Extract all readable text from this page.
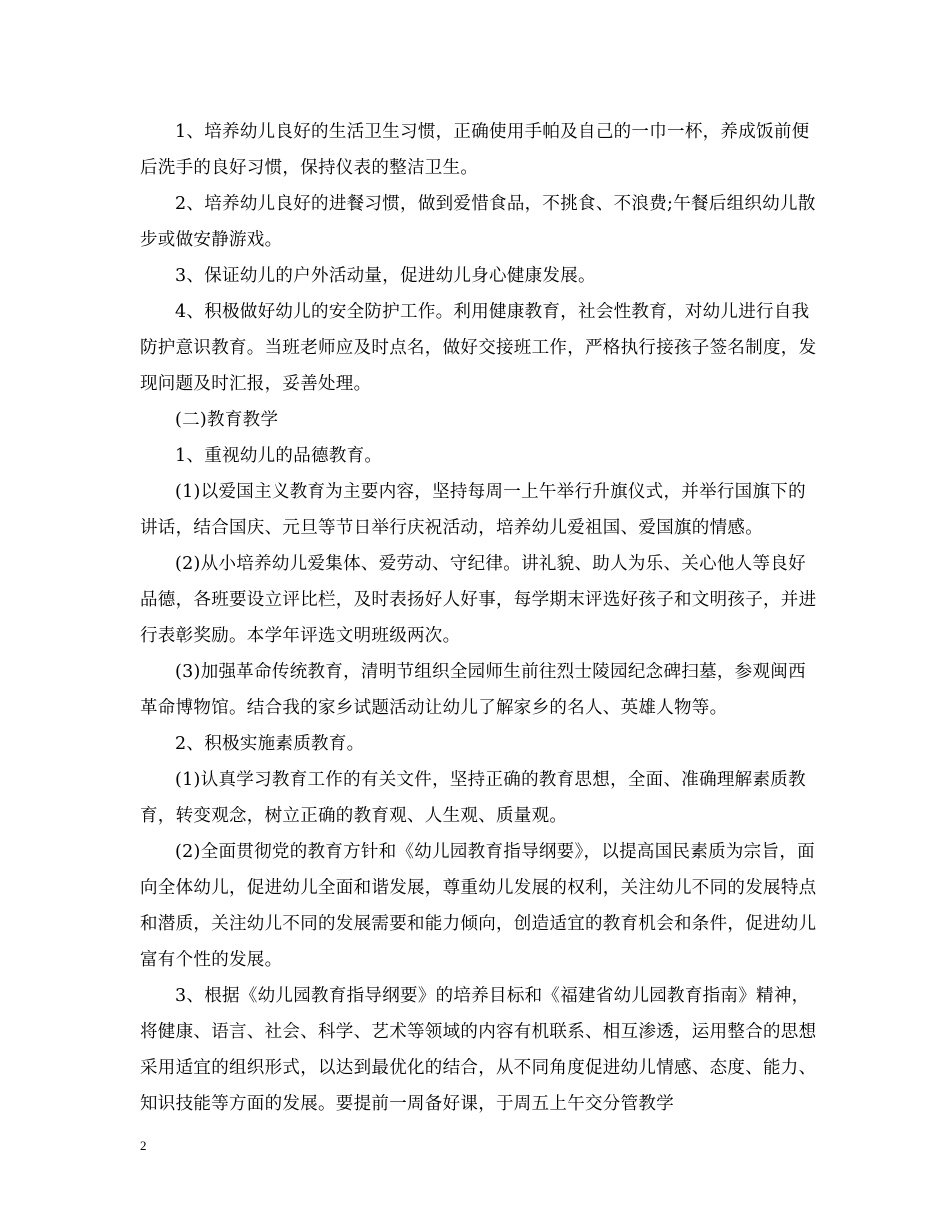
1、培养幼儿良好的生活卫生习惯，正确使用手帕及自己的一巾一杯，养成饭前便后洗手的良好习惯，保持仪表的整洁卫生。

2、培养幼儿良好的进餐习惯，做到爱惜食品，不挑食、不浪费;午餐后组织幼儿散步或做安静游戏。

3、保证幼儿的户外活动量，促进幼儿身心健康发展。

4、积极做好幼儿的安全防护工作。利用健康教育，社会性教育，对幼儿进行自我防护意识教育。当班老师应及时点名，做好交接班工作，严格执行接孩子签名制度，发现问题及时汇报，妥善处理。

(二)教育教学

1、重视幼儿的品德教育。

(1)以爱国主义教育为主要内容，坚持每周一上午举行升旗仪式，并举行国旗下的讲话，结合国庆、元旦等节日举行庆祝活动，培养幼儿爱祖国、爱国旗的情感。

(2)从小培养幼儿爱集体、爱劳动、守纪律。讲礼貌、助人为乐、关心他人等良好品德，各班要设立评比栏，及时表扬好人好事，每学期末评选好孩子和文明孩子，并进行表彰奖励。本学年评选文明班级两次。

(3)加强革命传统教育，清明节组织全园师生前往烈士陵园纪念碑扫墓，参观闽西革命博物馆。结合我的家乡试题活动让幼儿了解家乡的名人、英雄人物等。

2、积极实施素质教育。

(1)认真学习教育工作的有关文件，坚持正确的教育思想，全面、准确理解素质教育，转变观念，树立正确的教育观、人生观、质量观。

(2)全面贯彻党的教育方针和《幼儿园教育指导纲要》，以提高国民素质为宗旨，面向全体幼儿，促进幼儿全面和谐发展，尊重幼儿发展的权利，关注幼儿不同的发展特点和潜质，关注幼儿不同的发展需要和能力倾向，创造适宜的教育机会和条件，促进幼儿富有个性的发展。

3、根据《幼儿园教育指导纲要》的培养目标和《福建省幼儿园教育指南》精神，将健康、语言、社会、科学、艺术等领域的内容有机联系、相互渗透，运用整合的思想采用适宜的组织形式，以达到最优化的结合，从不同角度促进幼儿情感、态度、能力、知识技能等方面的发展。要提前一周备好课，于周五上午交分管教学

2
